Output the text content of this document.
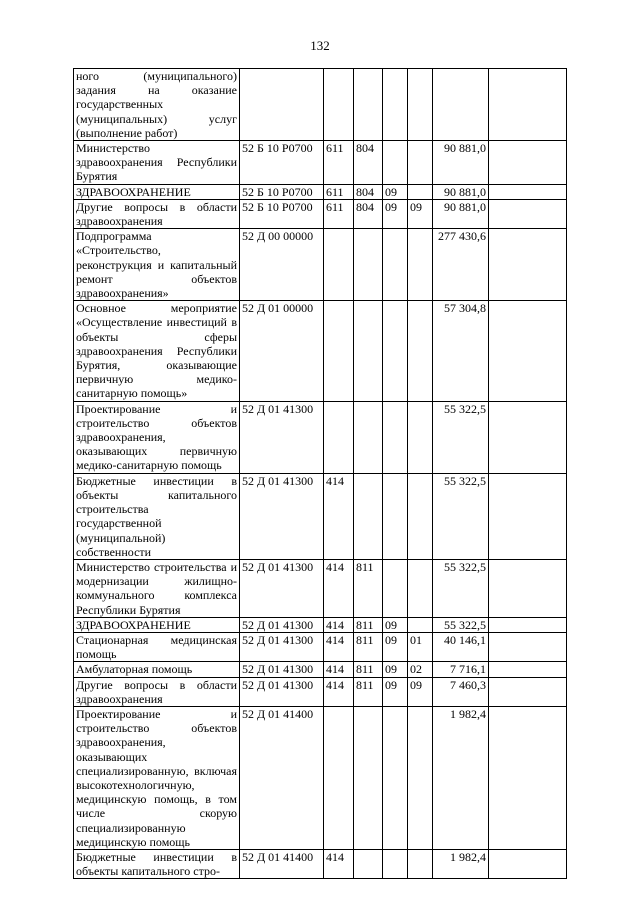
132
ного (муниципального) задания на оказание государственных (муниципальных) услуг (выполнение работ)							
Министерство здравоохранения Республики Бурятия	52 Б 10 Р0700	611	804			90 881,0	
ЗДРАВООХРАНЕНИЕ	52 Б 10 Р0700	611	804	09		90 881,0	
Другие вопросы в области здравоохранения	52 Б 10 Р0700	611	804	09	09	90 881,0	
Подпрограмма «Строительство, реконструкция и капитальный ремонт объектов здравоохранения»	52 Д 00 00000					277 430,6	
Основное мероприятие «Осуществление инвестиций в объекты сферы здравоохранения Республики Бурятия, оказывающие первичную медико-санитарную помощь»	52 Д 01 00000					57 304,8	
Проектирование и строительство объектов здравоохранения, оказывающих первичную медико-санитарную помощь	52 Д 01 41300					55 322,5	
Бюджетные инвестиции в объекты капитального строительства государственной (муниципальной) собственности	52 Д 01 41300	414				55 322,5	
Министерство строительства и модернизации жилищно-коммунального комплекса Республики Бурятия	52 Д 01 41300	414	811			55 322,5	
ЗДРАВООХРАНЕНИЕ	52 Д 01 41300	414	811	09		55 322,5	
Стационарная медицинская помощь	52 Д 01 41300	414	811	09	01	40 146,1	
Амбулаторная помощь	52 Д 01 41300	414	811	09	02	7 716,1	
Другие вопросы в области здравоохранения	52 Д 01 41300	414	811	09	09	7 460,3	
Проектирование и строительство объектов здравоохранения, оказывающих специализированную, включая высокотехнологичную, медицинскую помощь, в том числе скорую специализированную медицинскую помощь	52 Д 01 41400					1 982,4	
Бюджетные инвестиции в объекты капитального стро-	52 Д 01 41400	414				1 982,4	
